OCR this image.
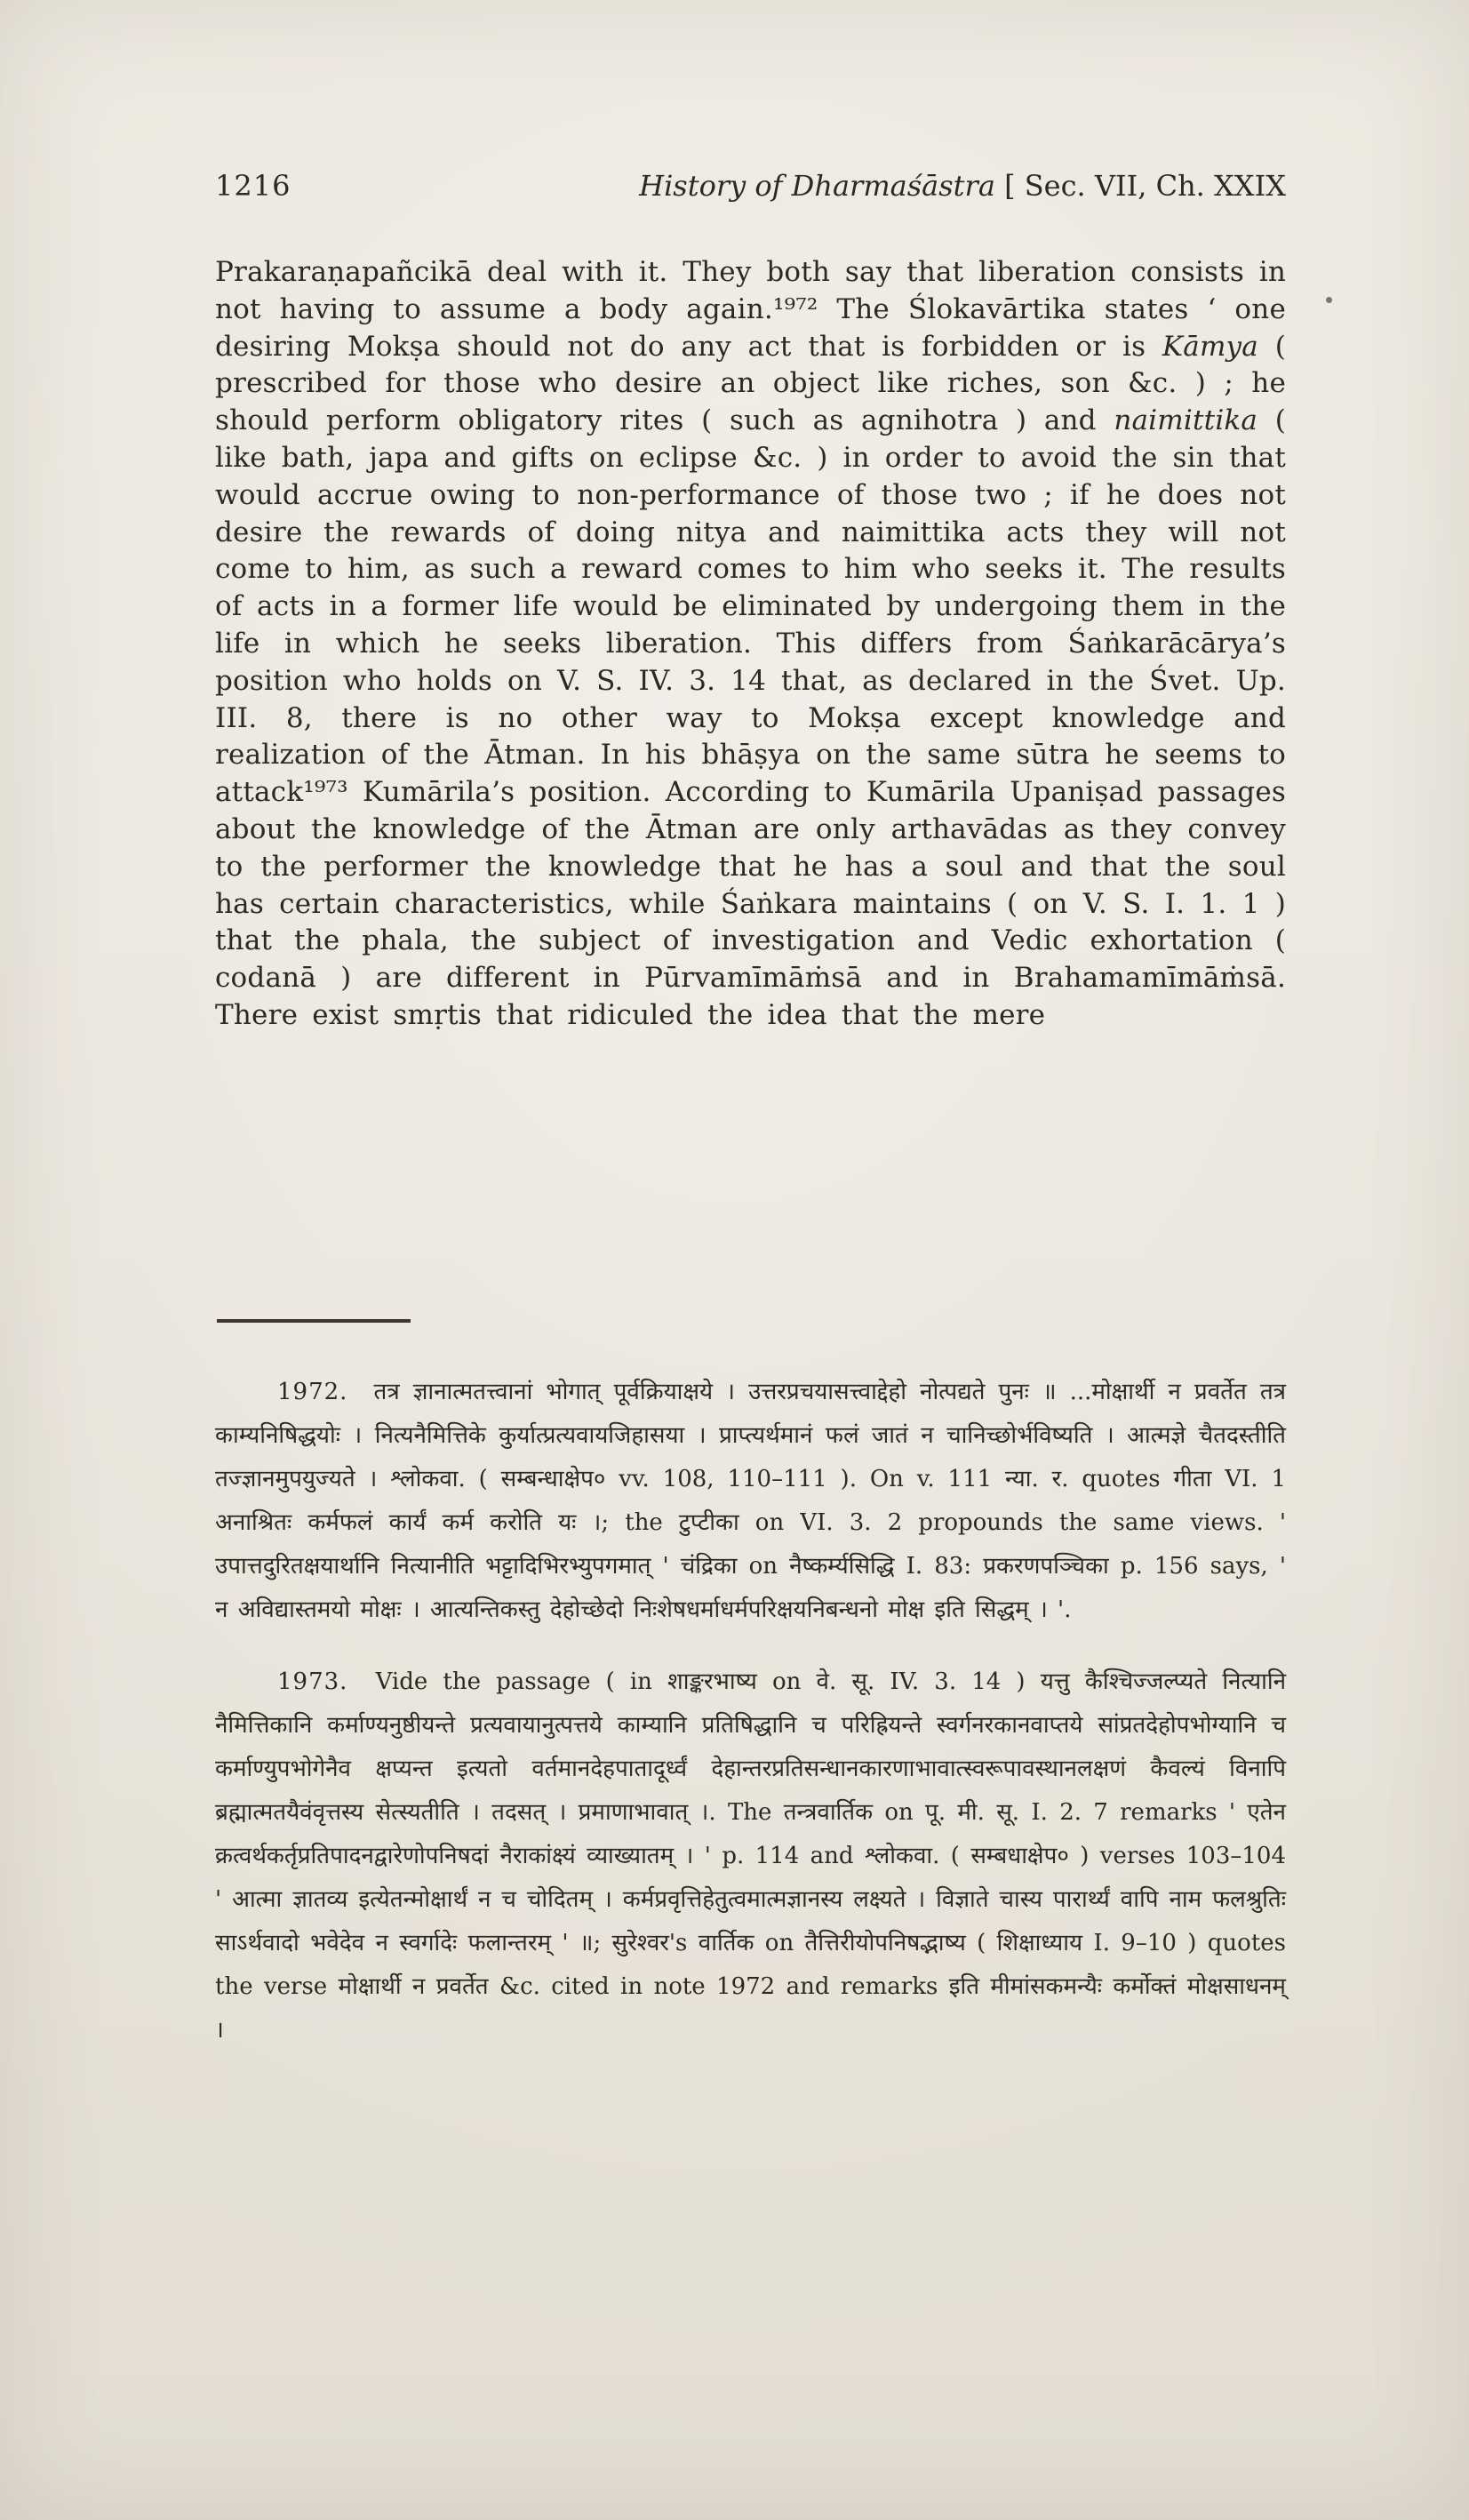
1216	History of Dharmaśāstra [ Sec. VII, Ch. XXIX
Prakaraṇapañcikā deal with it. They both say that liberation consists in not having to assume a body again.¹⁹⁷² The Ślokavārtika states ‘ one desiring Mokṣa should not do any act that is forbidden or is Kāmya ( prescribed for those who desire an object like riches, son &c. ) ; he should perform obligatory rites ( such as agnihotra ) and naimittika ( like bath, japa and gifts on eclipse &c. ) in order to avoid the sin that would accrue owing to non-performance of those two ; if he does not desire the rewards of doing nitya and naimittika acts they will not come to him, as such a reward comes to him who seeks it. The results of acts in a former life would be eliminated by undergoing them in the life in which he seeks liberation. This differs from Śaṅkarācārya’s position who holds on V. S. IV. 3. 14 that, as declared in the Śvet. Up. III. 8, there is no other way to Mokṣa except knowledge and realization of the Ātman. In his bhāṣya on the same sūtra he seems to attack¹⁹⁷³ Kumārila’s position. According to Kumārila Upaniṣad passages about the knowledge of the Ātman are only arthavādas as they convey to the performer the knowledge that he has a soul and that the soul has certain characteristics, while Śaṅkara maintains ( on V. S. I. 1. 1 ) that the phala, the subject of investigation and Vedic exhortation ( codanā ) are different in Pūrvamīmāṁsā and in Brahamamīmāṁsā. There exist smṛtis that ridiculed the idea that the mere

1972. तत्र ज्ञानात्मतत्त्वानां भोगात् पूर्वक्रियाक्षये । उत्तरप्रचयासत्त्वाद्देहो नोत्पद्यते पुनः ॥ ...मोक्षार्थी न प्रवर्तेत तत्र काम्यनिषिद्धयोः । नित्यनैमित्तिके कुर्यात्प्रत्यवायजिहासया । प्राप्त्यर्थमानं फलं जातं न चानिच्छोर्भविष्यति । आत्मज्ञे चैतदस्तीति तज्ज्ञानमुपयुज्यते । श्लोकवा. ( सम्बन्धाक्षेप० vv. 108, 110–111 ). On v. 111 न्या. र. quotes गीता VI. 1 अनाश्रितः कर्मफलं कार्यं कर्म करोति यः ।; the टुप्टीका on VI. 3. 2 propounds the same views. ' उपात्तदुरितक्षयार्थानि नित्यानीति भट्टादिभिरभ्युपगमात् ' चंद्रिका on नैष्कर्म्यसिद्धि I. 83: प्रकरणपञ्चिका p. 156 says, ' न अविद्यास्तमयो मोक्षः । आत्यन्तिकस्तु देहोच्छेदो निःशेषधर्माधर्मपरिक्षयनिबन्धनो मोक्ष इति सिद्धम् । '.

1973. Vide the passage ( in शाङ्करभाष्य on वे. सू. IV. 3. 14 ) यत्तु कैश्चिज्जल्प्यते नित्यानि नैमित्तिकानि कर्माण्यनुष्ठीयन्ते प्रत्यवायानुत्पत्तये काम्यानि प्रतिषिद्धानि च परिह्रियन्ते स्वर्गनरकानवाप्तये सांप्रतदेहोपभोग्यानि च कर्माण्युपभोगेनैव क्षप्यन्त इत्यतो वर्तमानदेहपातादूर्ध्वं देहान्तरप्रतिसन्धानकारणाभावात्स्वरूपावस्थानलक्षणं कैवल्यं विनापि ब्रह्मात्मतयैवंवृत्तस्य सेत्स्यतीति । तदसत् । प्रमाणाभावात् ।. The तन्त्रवार्तिक on पू. मी. सू. I. 2. 7 remarks ' एतेन क्रत्वर्थकर्तृप्रतिपादनद्वारेणोपनिषदां नैराकांक्ष्यं व्याख्यातम् । ' p. 114 and श्लोकवा. ( सम्बधाक्षेप० ) verses 103–104 ' आत्मा ज्ञातव्य इत्येतन्मोक्षार्थं न च चोदितम् । कर्मप्रवृत्तिहेतुत्वमात्मज्ञानस्य लक्ष्यते । विज्ञाते चास्य पारार्थ्यं वापि नाम फलश्रुतिः साऽर्थवादो भवेदेव न स्वर्गादेः फलान्तरम् ' ॥; सुरेश्वर's वार्तिक on तैत्तिरीयोपनिषद्भाष्य ( शिक्षाध्याय I. 9–10 ) quotes the verse मोक्षार्थी न प्रवर्तेत &c. cited in note 1972 and remarks इति मीमांसकमन्यैः कर्मोक्तं मोक्षसाधनम् ।
